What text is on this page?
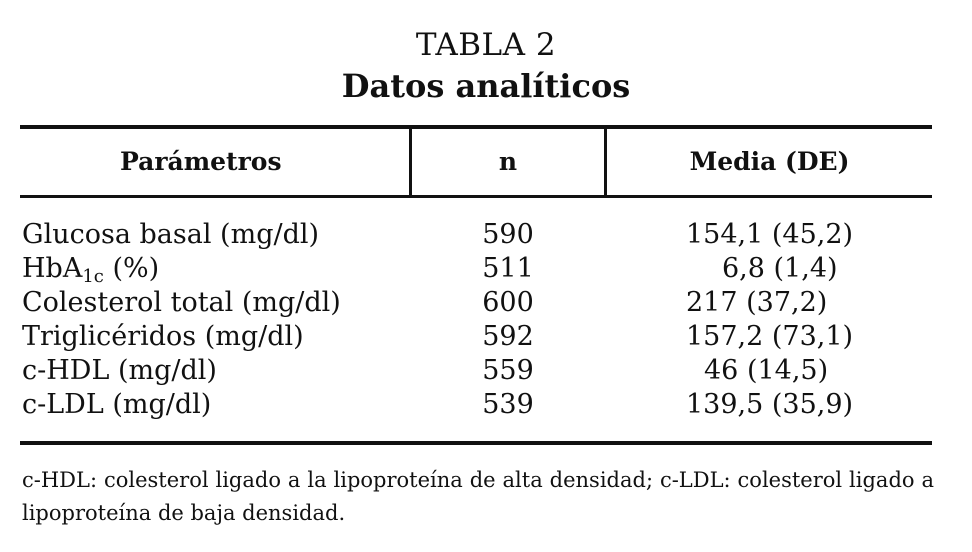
TABLA 2
Datos analíticos
Parámetros	n	Media (DE)
Glucosa basal (mg/dl)	590	154,1 (45,2)
HbA$_{1c}$ (%)	511	6,8 (1,4)
Colesterol total (mg/dl)	600	217 (37,2)
Triglicéridos (mg/dl)	592	157,2 (73,1)
c-HDL (mg/dl)	559	46 (14,5)
c-LDL (mg/dl)	539	139,5 (35,9)
c-HDL: colesterol ligado a la lipoproteína de alta densidad; c-LDL: colesterol ligado a lipoproteína de baja densidad.
